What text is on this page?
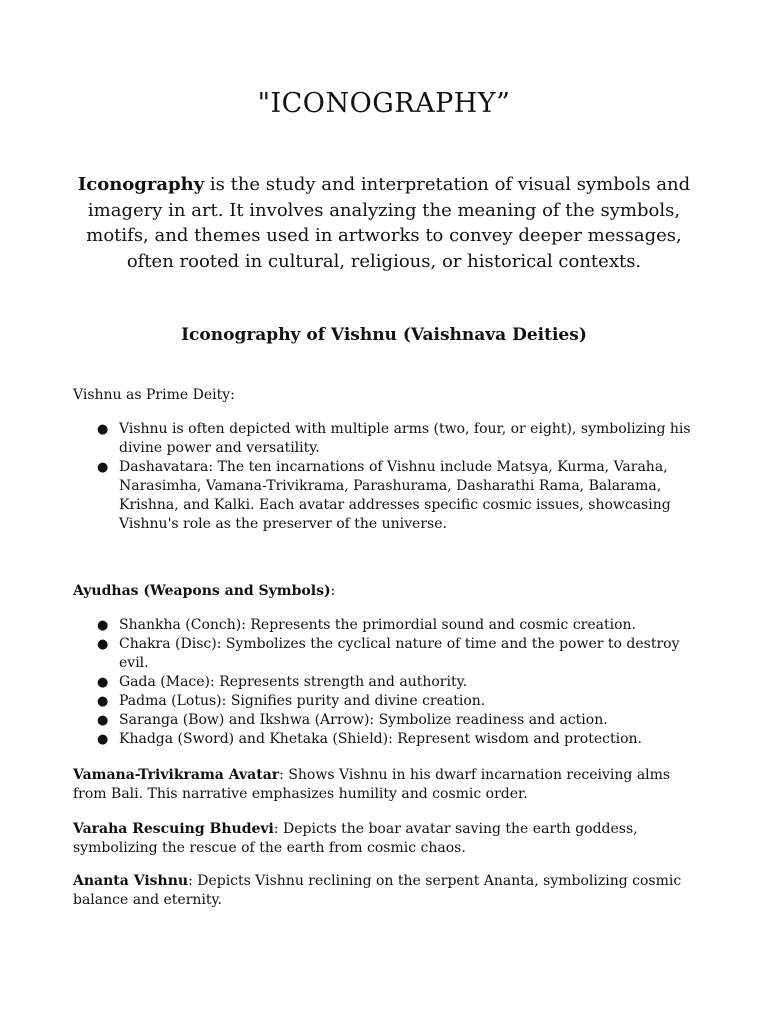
"ICONOGRAPHY”

Iconography is the study and interpretation of visual symbols and imagery in art. It involves analyzing the meaning of the symbols, motifs, and themes used in artworks to convey deeper messages, often rooted in cultural, religious, or historical contexts.

Iconography of Vishnu (Vaishnava Deities)

Vishnu as Prime Deity:

● Vishnu is often depicted with multiple arms (two, four, or eight), symbolizing his divine power and versatility.
● Dashavatara: The ten incarnations of Vishnu include Matsya, Kurma, Varaha, Narasimha, Vamana-Trivikrama, Parashurama, Dasharathi Rama, Balarama, Krishna, and Kalki. Each avatar addresses specific cosmic issues, showcasing Vishnu's role as the preserver of the universe.

Ayudhas (Weapons and Symbols):

● Shankha (Conch): Represents the primordial sound and cosmic creation.
● Chakra (Disc): Symbolizes the cyclical nature of time and the power to destroy evil.
● Gada (Mace): Represents strength and authority.
● Padma (Lotus): Signifies purity and divine creation.
● Saranga (Bow) and Ikshwa (Arrow): Symbolize readiness and action.
● Khadga (Sword) and Khetaka (Shield): Represent wisdom and protection.

Vamana-Trivikrama Avatar: Shows Vishnu in his dwarf incarnation receiving alms from Bali. This narrative emphasizes humility and cosmic order.

Varaha Rescuing Bhudevi: Depicts the boar avatar saving the earth goddess, symbolizing the rescue of the earth from cosmic chaos.

Ananta Vishnu: Depicts Vishnu reclining on the serpent Ananta, symbolizing cosmic balance and eternity.
